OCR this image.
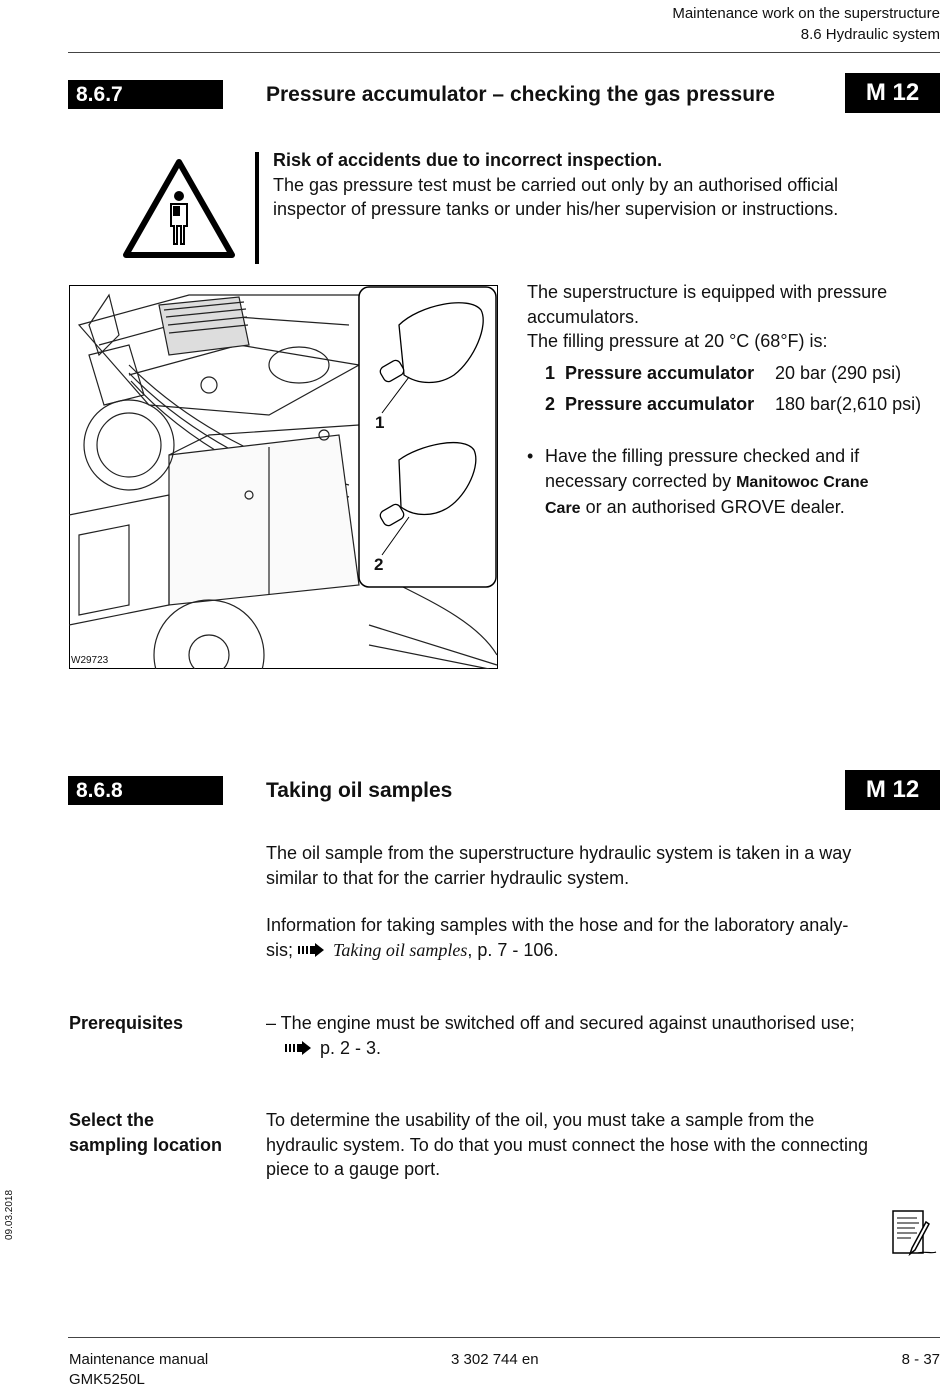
Maintenance work on the superstructure
8.6 Hydraulic system
8.6.7	Pressure accumulator – checking the gas pressure	M 12
Risk of accidents due to incorrect inspection.
The gas pressure test must be carried out only by an authorised official
inspector of pressure tanks or under his/her supervision or instructions.
1
2
W29723
The superstructure is equipped with pressure
accumulators.
The filling pressure at 20 °C (68°F) is:
1	Pressure accumulator	20 bar (290 psi)
2	Pressure accumulator	180 bar(2,610 psi)
• Have the filling pressure checked and if
necessary corrected by Manitowoc Crane
Care or an authorised GROVE dealer.
8.6.8	Taking oil samples	M 12
The oil sample from the superstructure hydraulic system is taken in a way
similar to that for the carrier hydraulic system.
Information for taking samples with the hose and for the laboratory analy-
sis;  Taking oil samples, p. 7 - 106.
Prerequisites	– The engine must be switched off and secured against unauthorised use;
p. 2 - 3.
Select the
sampling location
To determine the usability of the oil, you must take a sample from the
hydraulic system. To do that you must connect the hose with the connecting
piece to a gauge port.
09.03.2018
Maintenance manual
GMK5250L
3 302 744 en	8 - 37
